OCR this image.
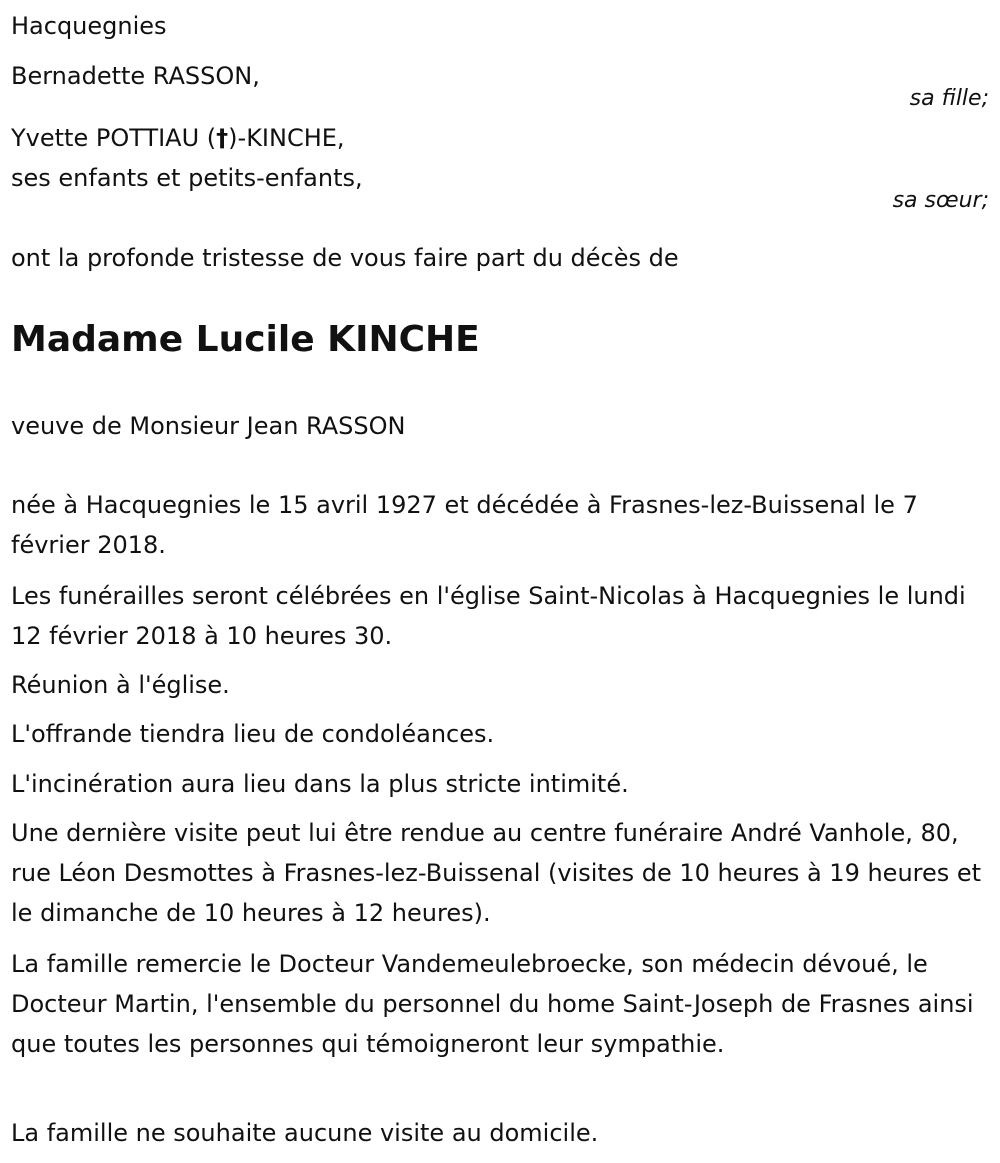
Hacquegnies
Bernadette RASSON,
sa fille;
Yvette POTTIAU (†)-KINCHE,
ses enfants et petits-enfants,
sa sœur;
ont la profonde tristesse de vous faire part du décès de
Madame Lucile KINCHE
veuve de Monsieur Jean RASSON
née à Hacquegnies le 15 avril 1927 et décédée à Frasnes-lez-Buissenal le 7 février 2018.
Les funérailles seront célébrées en l'église Saint-Nicolas à Hacquegnies le lundi 12 février 2018 à 10 heures 30.
Réunion à l'église.
L'offrande tiendra lieu de condoléances.
L'incinération aura lieu dans la plus stricte intimité.
Une dernière visite peut lui être rendue au centre funéraire André Vanhole, 80, rue Léon Desmottes à Frasnes-lez-Buissenal (visites de 10 heures à 19 heures et le dimanche de 10 heures à 12 heures).
La famille remercie le Docteur Vandemeulebroecke, son médecin dévoué, le Docteur Martin, l'ensemble du personnel du home Saint-Joseph de Frasnes ainsi que toutes les personnes qui témoigneront leur sympathie.
La famille ne souhaite aucune visite au domicile.
